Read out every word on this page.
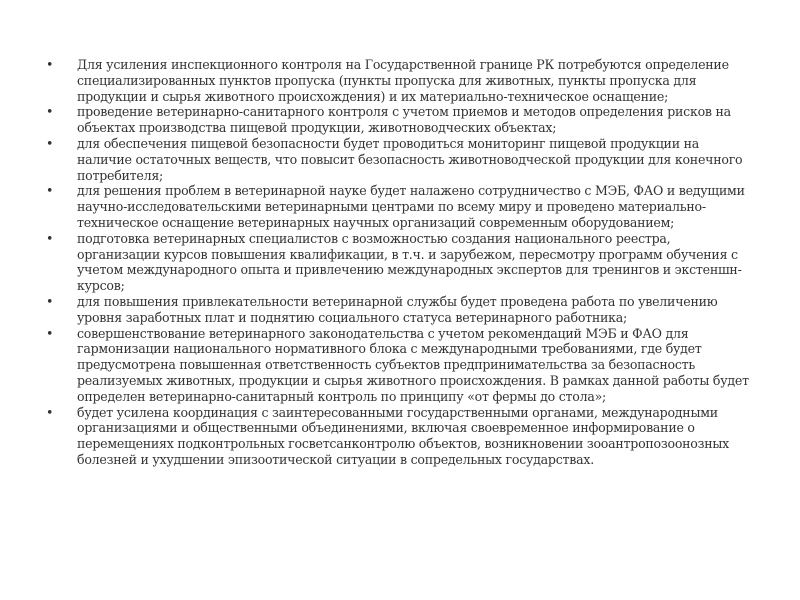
•	Для усиления инспекционного контроля на Государственной границе РК потребуются определение специализированных пунктов пропуска (пункты пропуска для животных, пункты пропуска для продукции и сырья животного происхождения) и их материально-техническое оснащение;
•	проведение ветеринарно-санитарного контроля с учетом приемов и методов определения рисков на объектах производства пищевой продукции, животноводческих объектах;
•	для обеспечения пищевой безопасности будет проводиться мониторинг пищевой продукции на наличие остаточных веществ, что повысит безопасность животноводческой продукции для конечного потребителя;
•	для решения проблем в ветеринарной науке будет налажено сотрудничество с МЭБ, ФАО и ведущими научно-исследовательскими ветеринарными центрами по всему миру и проведено материально-техническое оснащение ветеринарных научных организаций современным оборудованием;
•	подготовка ветеринарных специалистов с возможностью создания национального реестра, организации курсов повышения квалификации, в т.ч. и зарубежом, пересмотру программ обучения с учетом международного опыта и привлечению международных экспертов для тренингов и экстеншн-курсов;
•	для повышения привлекательности ветеринарной службы будет проведена работа по увеличению уровня заработных плат и поднятию социального статуса ветеринарного работника;
•	совершенствование ветеринарного законодательства с учетом рекомендаций МЭБ и ФАО для гармонизации национального нормативного блока с международными требованиями, где будет предусмотрена повышенная ответственность субъектов предпринимательства за безопасность реализуемых животных, продукции и сырья животного происхождения. В рамках данной работы будет определен ветеринарно-санитарный контроль по принципу «от фермы до стола»;
•	будет усилена координация с заинтересованными государственными органами, международными организациями и общественными объединениями, включая своевременное информирование о перемещениях подконтрольных госветсанконтролю объектов, возникновении зооантропозоонозных болезней и ухудшении эпизоотической ситуации в сопредельных государствах.
